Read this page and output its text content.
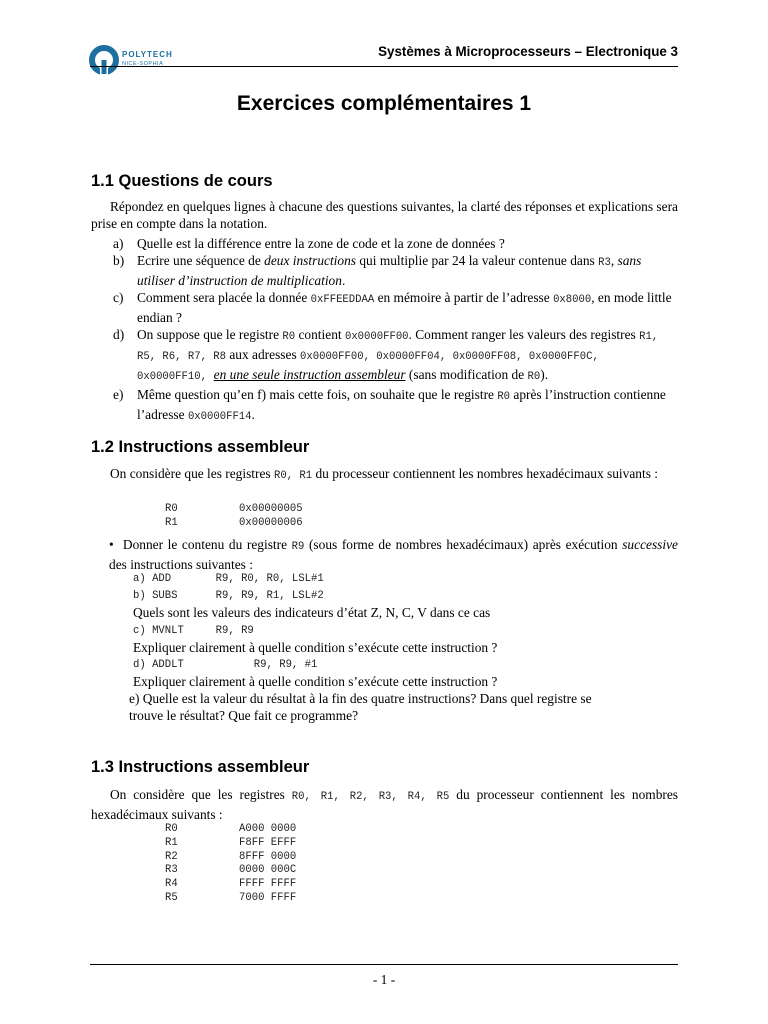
POLYTECH
NICE-SOPHIA
Systèmes à Microprocesseurs – Electronique 3
Exercices complémentaires 1
1.1 Questions de cours
Répondez en quelques lignes à chacune des questions suivantes, la clarté des réponses et explications sera prise en compte dans la notation.
a) Quelle est la différence entre la zone de code et la zone de données ?
b) Ecrire une séquence de deux instructions qui multiplie par 24 la valeur contenue dans R3, sans utiliser d’instruction de multiplication.
c) Comment sera placée la donnée 0xFFEEDDAA en mémoire à partir de l’adresse 0x8000, en mode little endian ?
d) On suppose que le registre R0 contient 0x0000FF00. Comment ranger les valeurs des registres R1, R5, R6, R7, R8 aux adresses 0x0000FF00, 0x0000FF04, 0x0000FF08, 0x0000FF0C, 0x0000FF10, en une seule instruction assembleur (sans modification de R0).
e) Même question qu’en f) mais cette fois, on souhaite que le registre R0 après l’instruction contienne l’adresse 0x0000FF14.
1.2 Instructions assembleur
On considère que les registres R0, R1 du processeur contiennent les nombres hexadécimaux suivants :
R0	0x00000005
R1	0x00000006
• Donner le contenu du registre R9 (sous forme de nombres hexadécimaux) après exécution successive des instructions suivantes :
a) ADD       R9, R0, R0, LSL#1
b) SUBS      R9, R9, R1, LSL#2
Quels sont les valeurs des indicateurs d’état Z, N, C, V dans ce cas
c) MVNLT     R9, R9
Expliquer clairement à quelle condition s’exécute cette instruction ?
d) ADDLT           R9, R9, #1
Expliquer clairement à quelle condition s’exécute cette instruction ?
e) Quelle est la valeur du résultat à la fin des quatre instructions? Dans quel registre se
trouve le résultat? Que fait ce programme?
1.3 Instructions assembleur
On considère que les registres R0, R1, R2, R3, R4, R5 du processeur contiennent les nombres hexadécimaux suivants :
R0	A000 0000
R1	F8FF EFFF
R2	8FFF 0000
R3	0000 000C
R4	FFFF FFFF
R5	7000 FFFF
- 1 -
